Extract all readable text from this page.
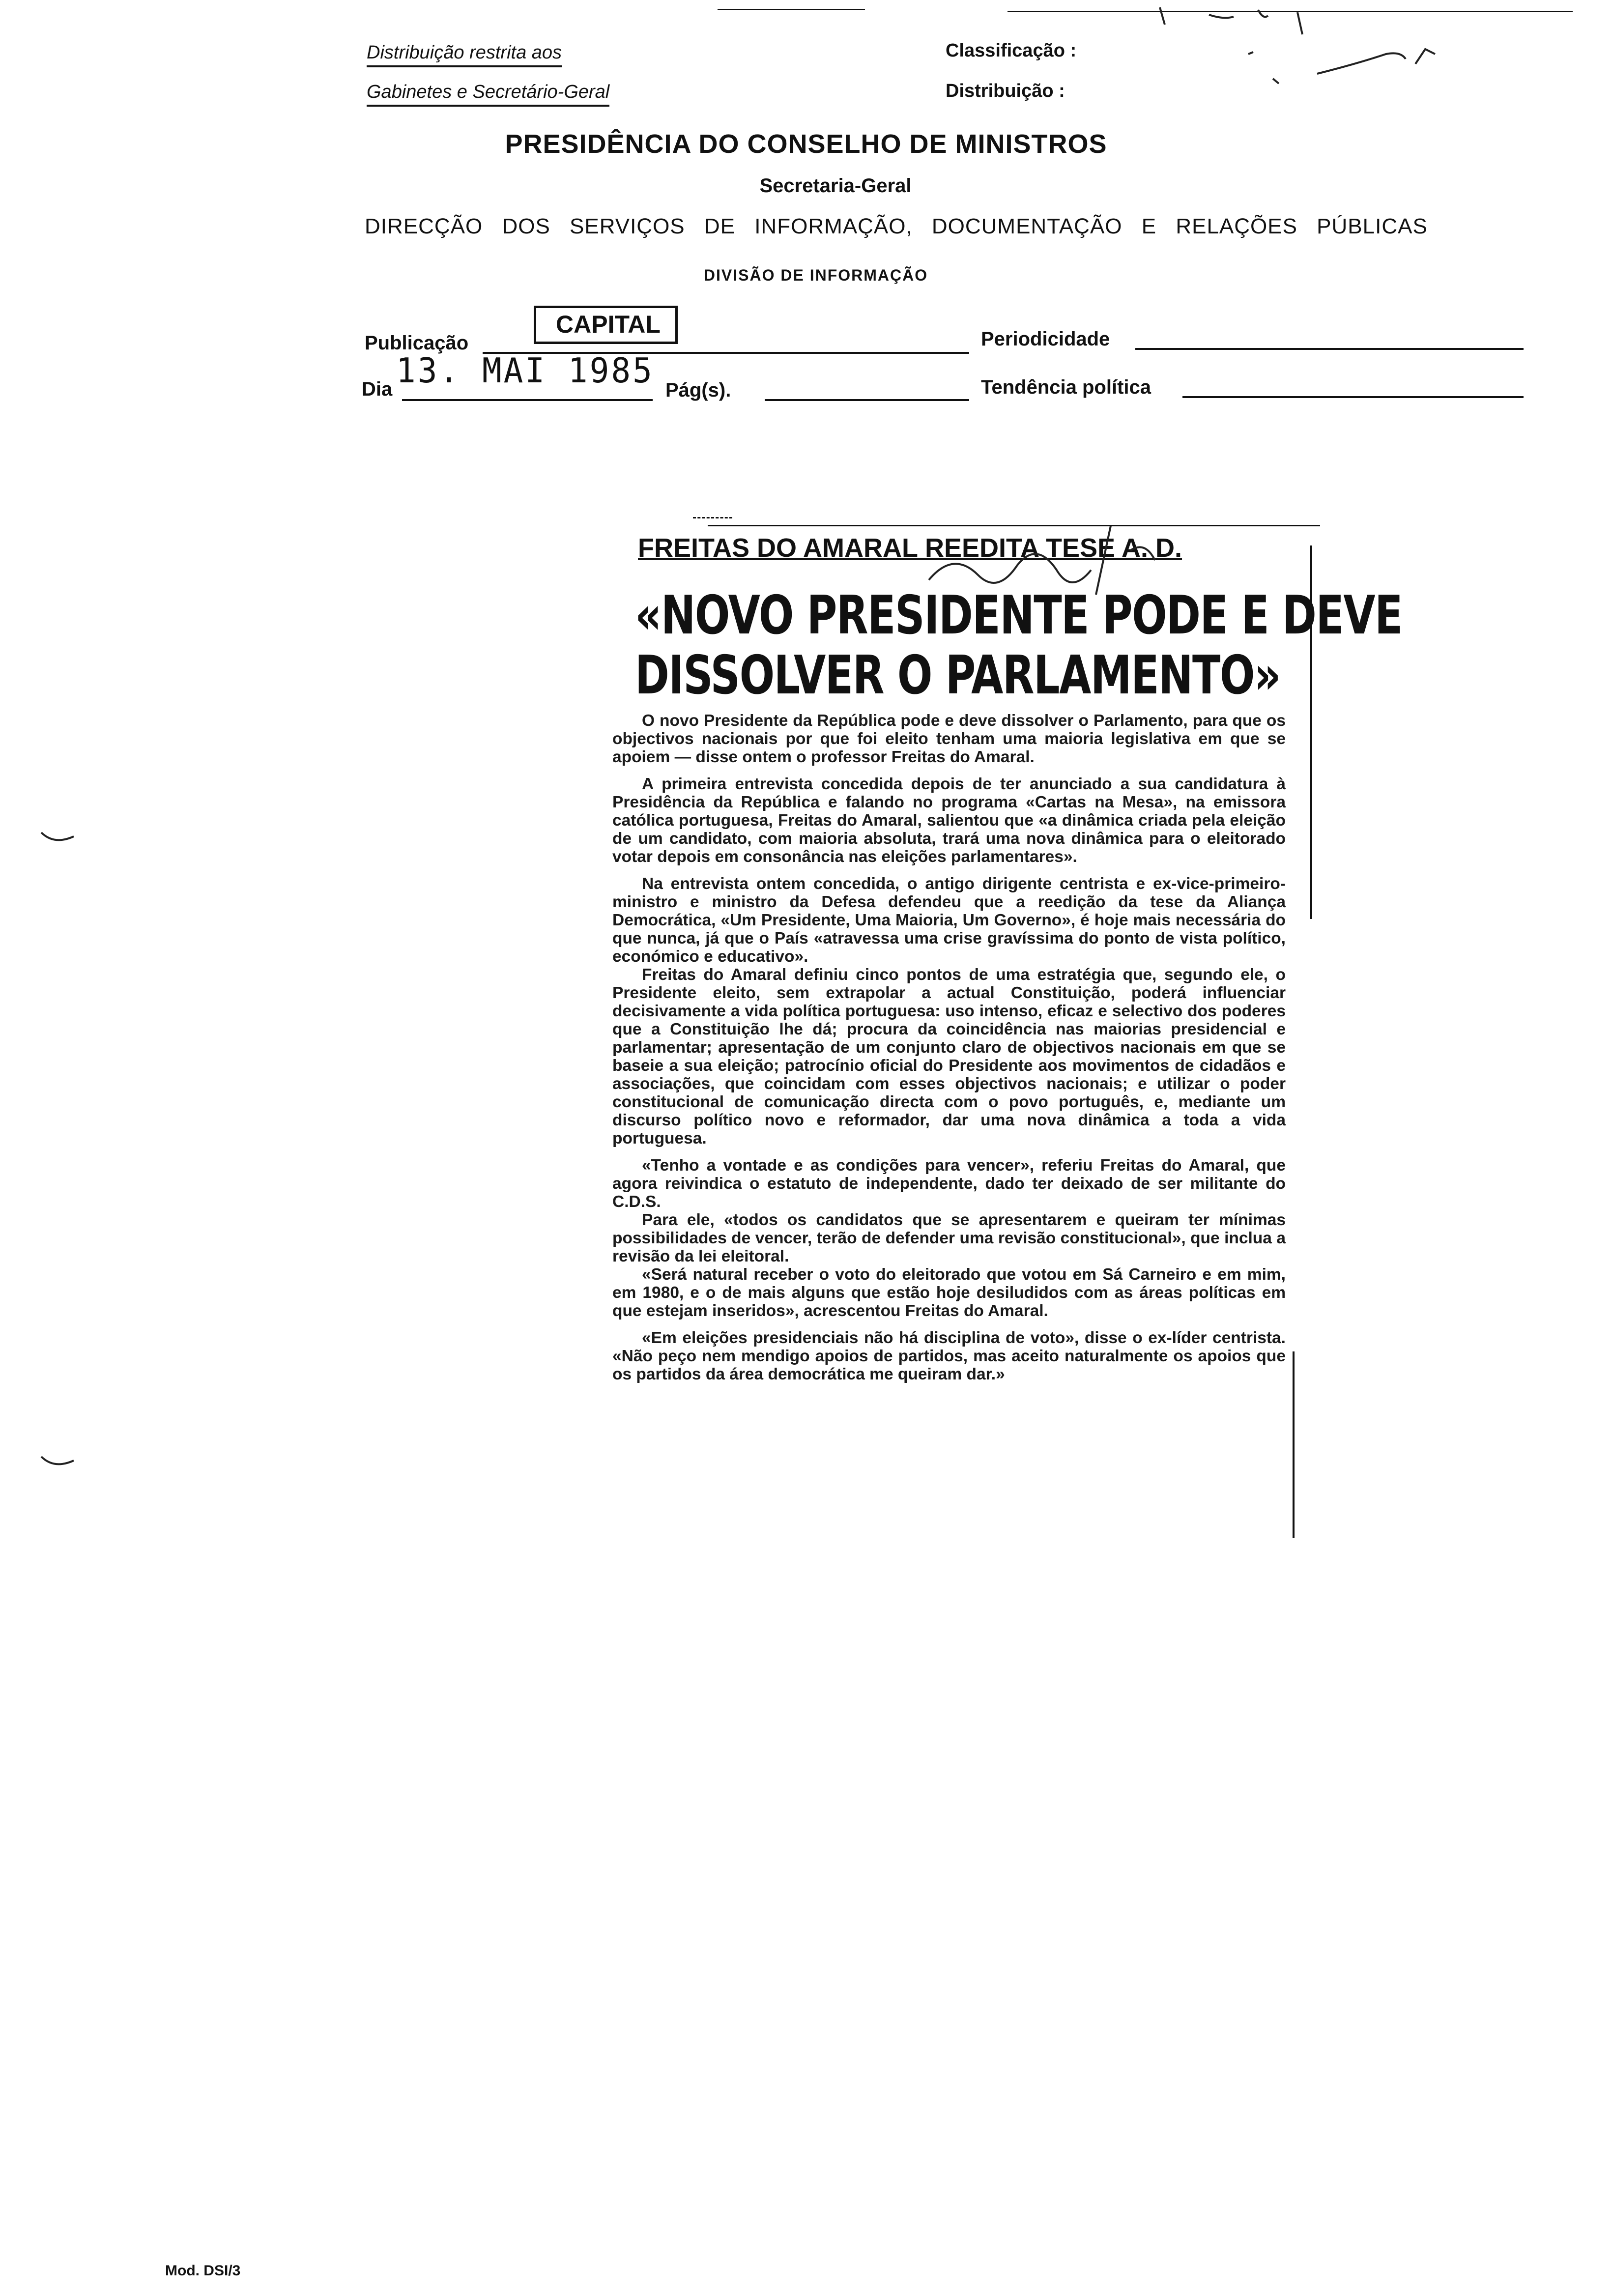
Distribuição restrita aos
Gabinetes e Secretário-Geral
Classificação :
Distribuição :
PRESIDÊNCIA DO CONSELHO DE MINISTROS
Secretaria-Geral
DIRECÇÃO DOS SERVIÇOS DE INFORMAÇÃO, DOCUMENTAÇÃO E RELAÇÕES PÚBLICAS
DIVISÃO DE INFORMAÇÃO
Publicação
CAPITAL
Periodicidade
Dia 13. MAI 1985 Pág(s).	Tendência política
FREITAS DO AMARAL REEDITA TESE A. D.
«NOVO PRESIDENTE PODE E DEVE
DISSOLVER O PARLAMENTO»

O novo Presidente da República pode e deve dissolver o Parlamento, para que os objectivos nacionais por que foi eleito tenham uma maioria legislativa em que se apoiem — disse ontem o professor Freitas do Amaral.

A primeira entrevista concedida depois de ter anunciado a sua candidatura à Presidência da República e falando no programa «Cartas na Mesa», na emissora católica portuguesa, Freitas do Amaral, salientou que «a dinâmica criada pela eleição de um candidato, com maioria absoluta, trará uma nova dinâmica para o eleitorado votar depois em consonância nas eleições parlamentares».

Na entrevista ontem concedida, o antigo dirigente centrista e ex-vice-primeiro-ministro e ministro da Defesa defendeu que a reedição da tese da Aliança Democrática, «Um Presidente, Uma Maioria, Um Governo», é hoje mais necessária do que nunca, já que o País «atravessa uma crise gravíssima do ponto de vista político, económico e educativo».

Freitas do Amaral definiu cinco pontos de uma estratégia que, segundo ele, o Presidente eleito, sem extrapolar a actual Constituição, poderá influenciar decisivamente a vida política portuguesa: uso intenso, eficaz e selectivo dos poderes que a Constituição lhe dá; procura da coincidência nas maiorias presidencial e parlamentar; apresentação de um conjunto claro de objectivos nacionais em que se baseie a sua eleição; patrocínio oficial do Presidente aos movimentos de cidadãos e associações, que coincidam com esses objectivos nacionais; e utilizar o poder constitucional de comunicação directa com o povo português, e, mediante um discurso político novo e reformador, dar uma nova dinâmica a toda a vida portuguesa.

«Tenho a vontade e as condições para vencer», referiu Freitas do Amaral, que agora reivindica o estatuto de independente, dado ter deixado de ser militante do C.D.S.

Para ele, «todos os candidatos que se apresentarem e queiram ter mínimas possibilidades de vencer, terão de defender uma revisão constitucional», que inclua a revisão da lei eleitoral.

«Será natural receber o voto do eleitorado que votou em Sá Carneiro e em mim, em 1980, e o de mais alguns que estão hoje desiludidos com as áreas políticas em que estejam inseridos», acrescentou Freitas do Amaral.

«Em eleições presidenciais não há disciplina de voto», disse o ex-líder centrista. «Não peço nem mendigo apoios de partidos, mas aceito naturalmente os apoios que os partidos da área democrática me queiram dar.»

Mod. DSI/3
